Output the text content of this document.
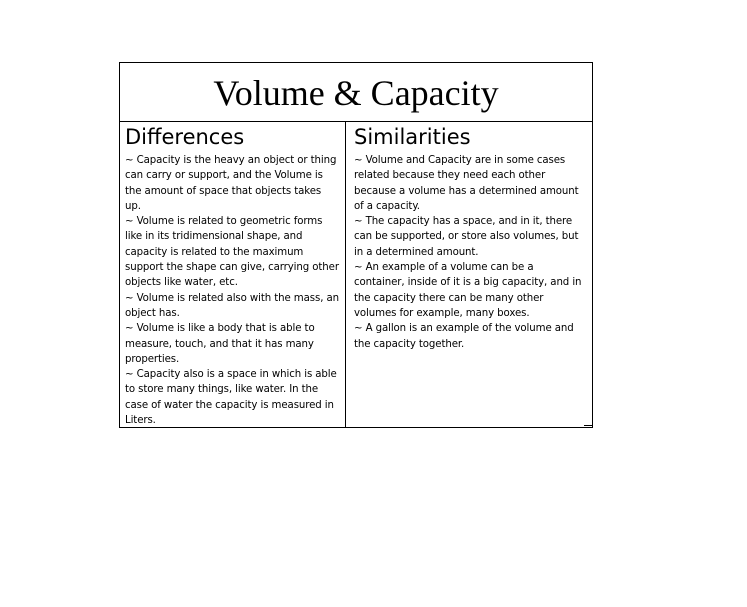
Volume & Capacity
Differences

~ Capacity is the heavy an object or thing can carry or support, and the Volume is the amount of space that objects takes up.

~ Volume is related to geometric forms like in its tridimensional shape, and capacity is related to the maximum support the shape can give, carrying other objects like water, etc.

~ Volume is related also with the mass, an object has.

~ Volume is like a body that is able to measure, touch, and that it has many properties.

~ Capacity also is a space in which is able to store many things, like water. In the case of water the capacity is measured in Liters.

Similarities

~ Volume and Capacity are in some cases related because they need each other because a volume has a determined amount of a capacity.

~ The capacity has a space, and in it, there can be supported, or store also volumes, but in a determined amount.

~ An example of a volume can be a container, inside of it is a big capacity, and in the capacity there can be many other volumes for example, many boxes.

~ A gallon is an example of the volume and the capacity together.
